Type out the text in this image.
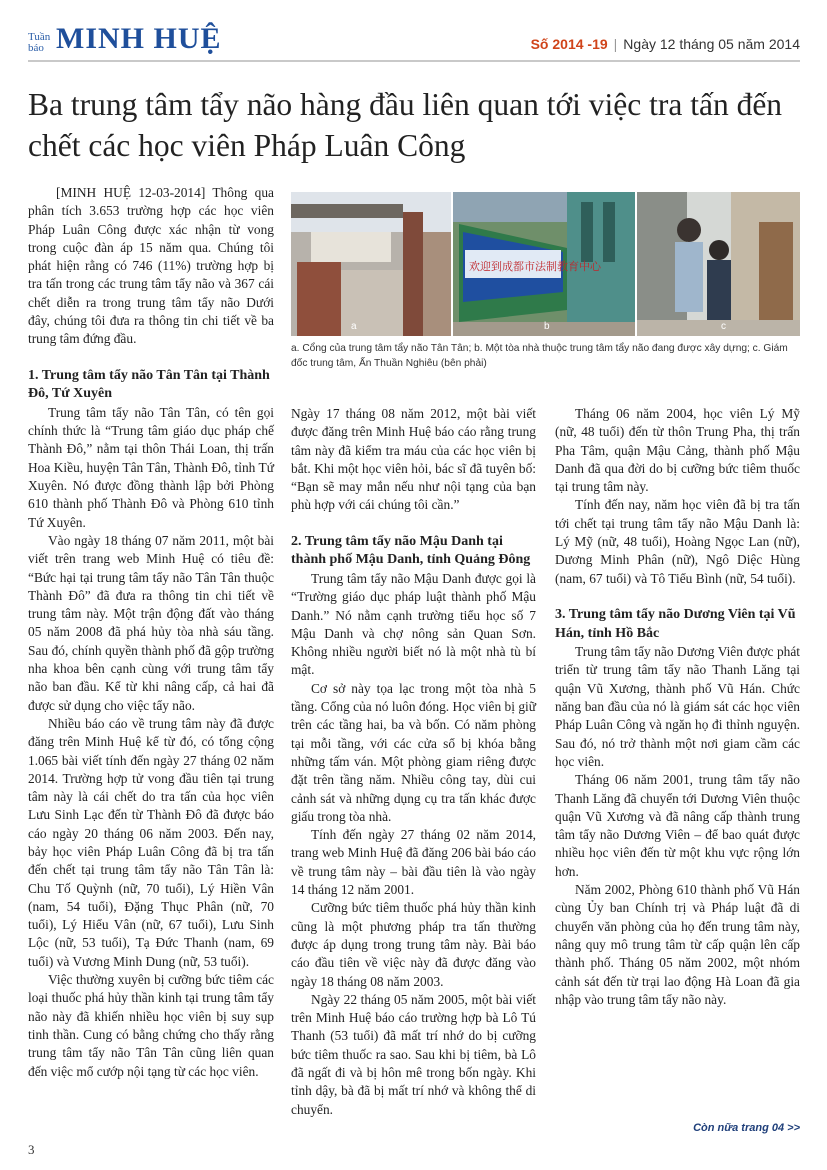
Tuần
báo MINH HUỆ	Số 2014 -19 | Ngày 12 tháng 05 năm 2014
Ba trung tâm tẩy não hàng đầu liên quan tới việc tra tấn đến chết các học viên Pháp Luân Công

[MINH HUỆ 12-03-2014] Thông qua phân tích 3.653 trường hợp các học viên Pháp Luân Công được xác nhận từ vong trong cuộc đàn áp 15 năm qua. Chúng tôi phát hiện rằng có 746 (11%) trường hợp bị tra tấn trong các trung tâm tẩy não và 367 cái chết diễn ra trong trung tâm tẩy não Dưới đây, chúng tôi đưa ra thông tin chi tiết về ba trung tâm đứng đầu.

1. Trung tâm tẩy não Tân Tân tại Thành Đô, Tứ Xuyên

Trung tâm tẩy não Tân Tân, có tên gọi chính thức là “Trung tâm giáo dục pháp chế Thành Đô,” nằm tại thôn Thái Loan, thị trấn Hoa Kiều, huyện Tân Tân, Thành Đô, tỉnh Tứ Xuyên. Nó được đồng thành lập bởi Phòng 610 thành phố Thành Đô và Phòng 610 tỉnh Tứ Xuyên.

Vào ngày 18 tháng 07 năm 2011, một bài viết trên trang web Minh Huệ có tiêu đề: “Bức hại tại trung tâm tẩy não Tân Tân thuộc Thành Đô” đã đưa ra thông tin chi tiết về trung tâm này. Một trận động đất vào tháng 05 năm 2008 đã phá hủy tòa nhà sáu tầng. Sau đó, chính quyền thành phố đã gộp trường nha khoa bên cạnh cùng với trung tâm tẩy não ban đầu. Kể từ khi nâng cấp, cả hai đã được sử dụng cho việc tẩy não.

Nhiều báo cáo về trung tâm này đã được đăng trên Minh Huệ kể từ đó, có tổng cộng 1.065 bài viết tính đến ngày 27 tháng 02 năm 2014. Trường hợp tử vong đầu tiên tại trung tâm này là cái chết do tra tấn của học viên Lưu Sinh Lạc đến từ Thành Đô đã được báo cáo ngày 20 tháng 06 năm 2003. Đến nay, bảy học viên Pháp Luân Công đã bị tra tấn đến chết tại trung tâm tẩy não Tân Tân là: Chu Tố Quỳnh (nữ, 70 tuổi), Lý Hiền Vân (nam, 54 tuổi), Đặng Thục Phân (nữ, 70 tuổi), Lý Hiểu Vân (nữ, 67 tuổi), Lưu Sinh Lộc (nữ, 53 tuổi), Tạ Đức Thanh (nam, 69 tuổi) và Vương Minh Dung (nữ, 53 tuổi).

Việc thường xuyên bị cưỡng bức tiêm các loại thuốc phá hủy thần kinh tại trung tâm tẩy não này đã khiến nhiều học viên bị suy sụp tinh thần. Cung có bằng chứng cho thấy rằng trung tâm tẩy não Tân Tân cũng liên quan đến việc mổ cướp nội tạng từ các học viên.

欢迎到成都市法制教育中心
a	b	c

a. Cổng của trung tâm tẩy não Tân Tân; b. Một tòa nhà thuộc trung tâm tẩy não đang được xây dựng; c. Giám đốc trung tâm, Ấn Thuần Nghiêu (bên phải)

Ngày 17 tháng 08 năm 2012, một bài viết được đăng trên Minh Huệ báo cáo rằng trung tâm này đã kiểm tra máu của các học viên bị bắt. Khi một học viên hỏi, bác sĩ đã tuyên bố: “Bạn sẽ may mắn nếu như nội tạng của bạn phù hợp với cái chúng tôi cần.”

2. Trung tâm tẩy não Mậu Danh tại thành phố Mậu Danh, tỉnh Quảng Đông

Trung tâm tẩy não Mậu Danh được gọi là “Trường giáo dục pháp luật thành phố Mậu Danh.” Nó nằm cạnh trường tiểu học số 7 Mậu Danh và chợ nông sản Quan Sơn. Không nhiều người biết nó là một nhà tù bí mật.

Cơ sở này tọa lạc trong một tòa nhà 5 tầng. Cổng của nó luôn đóng. Học viên bị giữ trên các tầng hai, ba và bốn. Có năm phòng tại mỗi tầng, với các cửa sổ bị khóa bằng những tấm ván. Một phòng giam riêng được đặt trên tầng năm. Nhiều công tay, dùi cui cảnh sát và những dụng cụ tra tấn khác được giấu trong tòa nhà.

Tính đến ngày 27 tháng 02 năm 2014, trang web Minh Huệ đã đăng 206 bài báo cáo về trung tâm này – bài đầu tiên là vào ngày 14 tháng 12 năm 2001.

Cưỡng bức tiêm thuốc phá hủy thần kinh cũng là một phương pháp tra tấn thường được áp dụng trong trung tâm này. Bài báo cáo đầu tiên về việc này đã được đăng vào ngày 18 tháng 08 năm 2003.

Ngày 22 tháng 05 năm 2005, một bài viết trên Minh Huệ báo cáo trường hợp bà Lô Tú Thanh (53 tuổi) đã mất trí nhớ do bị cưỡng bức tiêm thuốc ra sao. Sau khi bị tiêm, bà Lô đã ngất đi và bị hôn mê trong bốn ngày. Khi tỉnh dậy, bà đã bị mất trí nhớ và không thể di chuyển.

Tháng 06 năm 2004, học viên Lý Mỹ (nữ, 48 tuổi) đến từ thôn Trung Pha, thị trấn Pha Tâm, quận Mậu Cảng, thành phố Mậu Danh đã qua đời do bị cưỡng bức tiêm thuốc tại trung tâm này.

Tính đến nay, năm học viên đã bị tra tấn tới chết tại trung tâm tẩy não Mậu Danh là: Lý Mỹ (nữ, 48 tuổi), Hoàng Ngọc Lan (nữ), Dương Minh Phân (nữ), Ngô Diệc Hùng (nam, 67 tuổi) và Tô Tiểu Bình (nữ, 54 tuổi).

3. Trung tâm tẩy não Dương Viên tại Vũ Hán, tỉnh Hồ Bắc

Trung tâm tẩy não Dương Viên được phát triển từ trung tâm tẩy não Thanh Lăng tại quận Vũ Xương, thành phố Vũ Hán. Chức năng ban đầu của nó là giám sát các học viên Pháp Luân Công và ngăn họ đi thỉnh nguyện. Sau đó, nó trở thành một nơi giam cầm các học viên.

Tháng 06 năm 2001, trung tâm tẩy não Thanh Lăng đã chuyển tới Dương Viên thuộc quận Vũ Xương và đã nâng cấp thành trung tâm tẩy não Dương Viên – để bao quát được nhiều học viên đến từ một khu vực rộng lớn hơn.

Năm 2002, Phòng 610 thành phố Vũ Hán cùng Ủy ban Chính trị và Pháp luật đã di chuyển văn phòng của họ đến trung tâm này, nâng quy mô trung tâm từ cấp quận lên cấp thành phố. Tháng 05 năm 2002, một nhóm cảnh sát đến từ trại lao động Hà Loan đã gia nhập vào trung tâm tẩy não này.

Còn nữa trang 04 >>
3
